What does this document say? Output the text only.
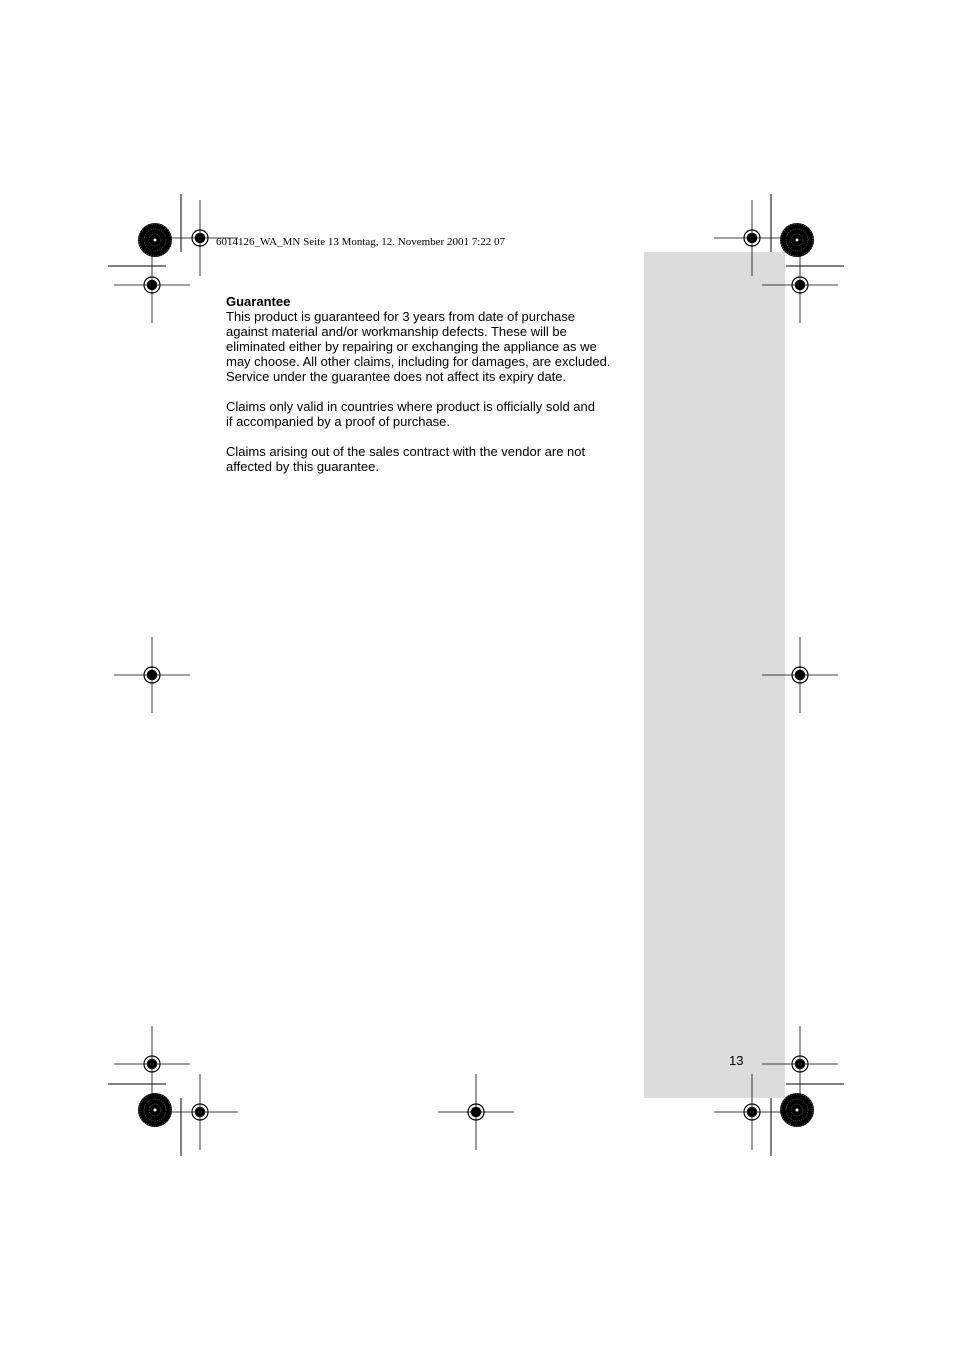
6014126_WA_MN Seite 13 Montag, 12. November 2001 7:22 07
Guarantee

This product is guaranteed for 3 years from date of purchase
against material and/or workmanship defects. These will be
eliminated either by repairing or exchanging the appliance as we
may choose. All other claims, including for damages, are excluded.
Service under the guarantee does not affect its expiry date.

Claims only valid in countries where product is officially sold and
if accompanied by a proof of purchase.

Claims arising out of the sales contract with the vendor are not
affected by this guarantee.

13
